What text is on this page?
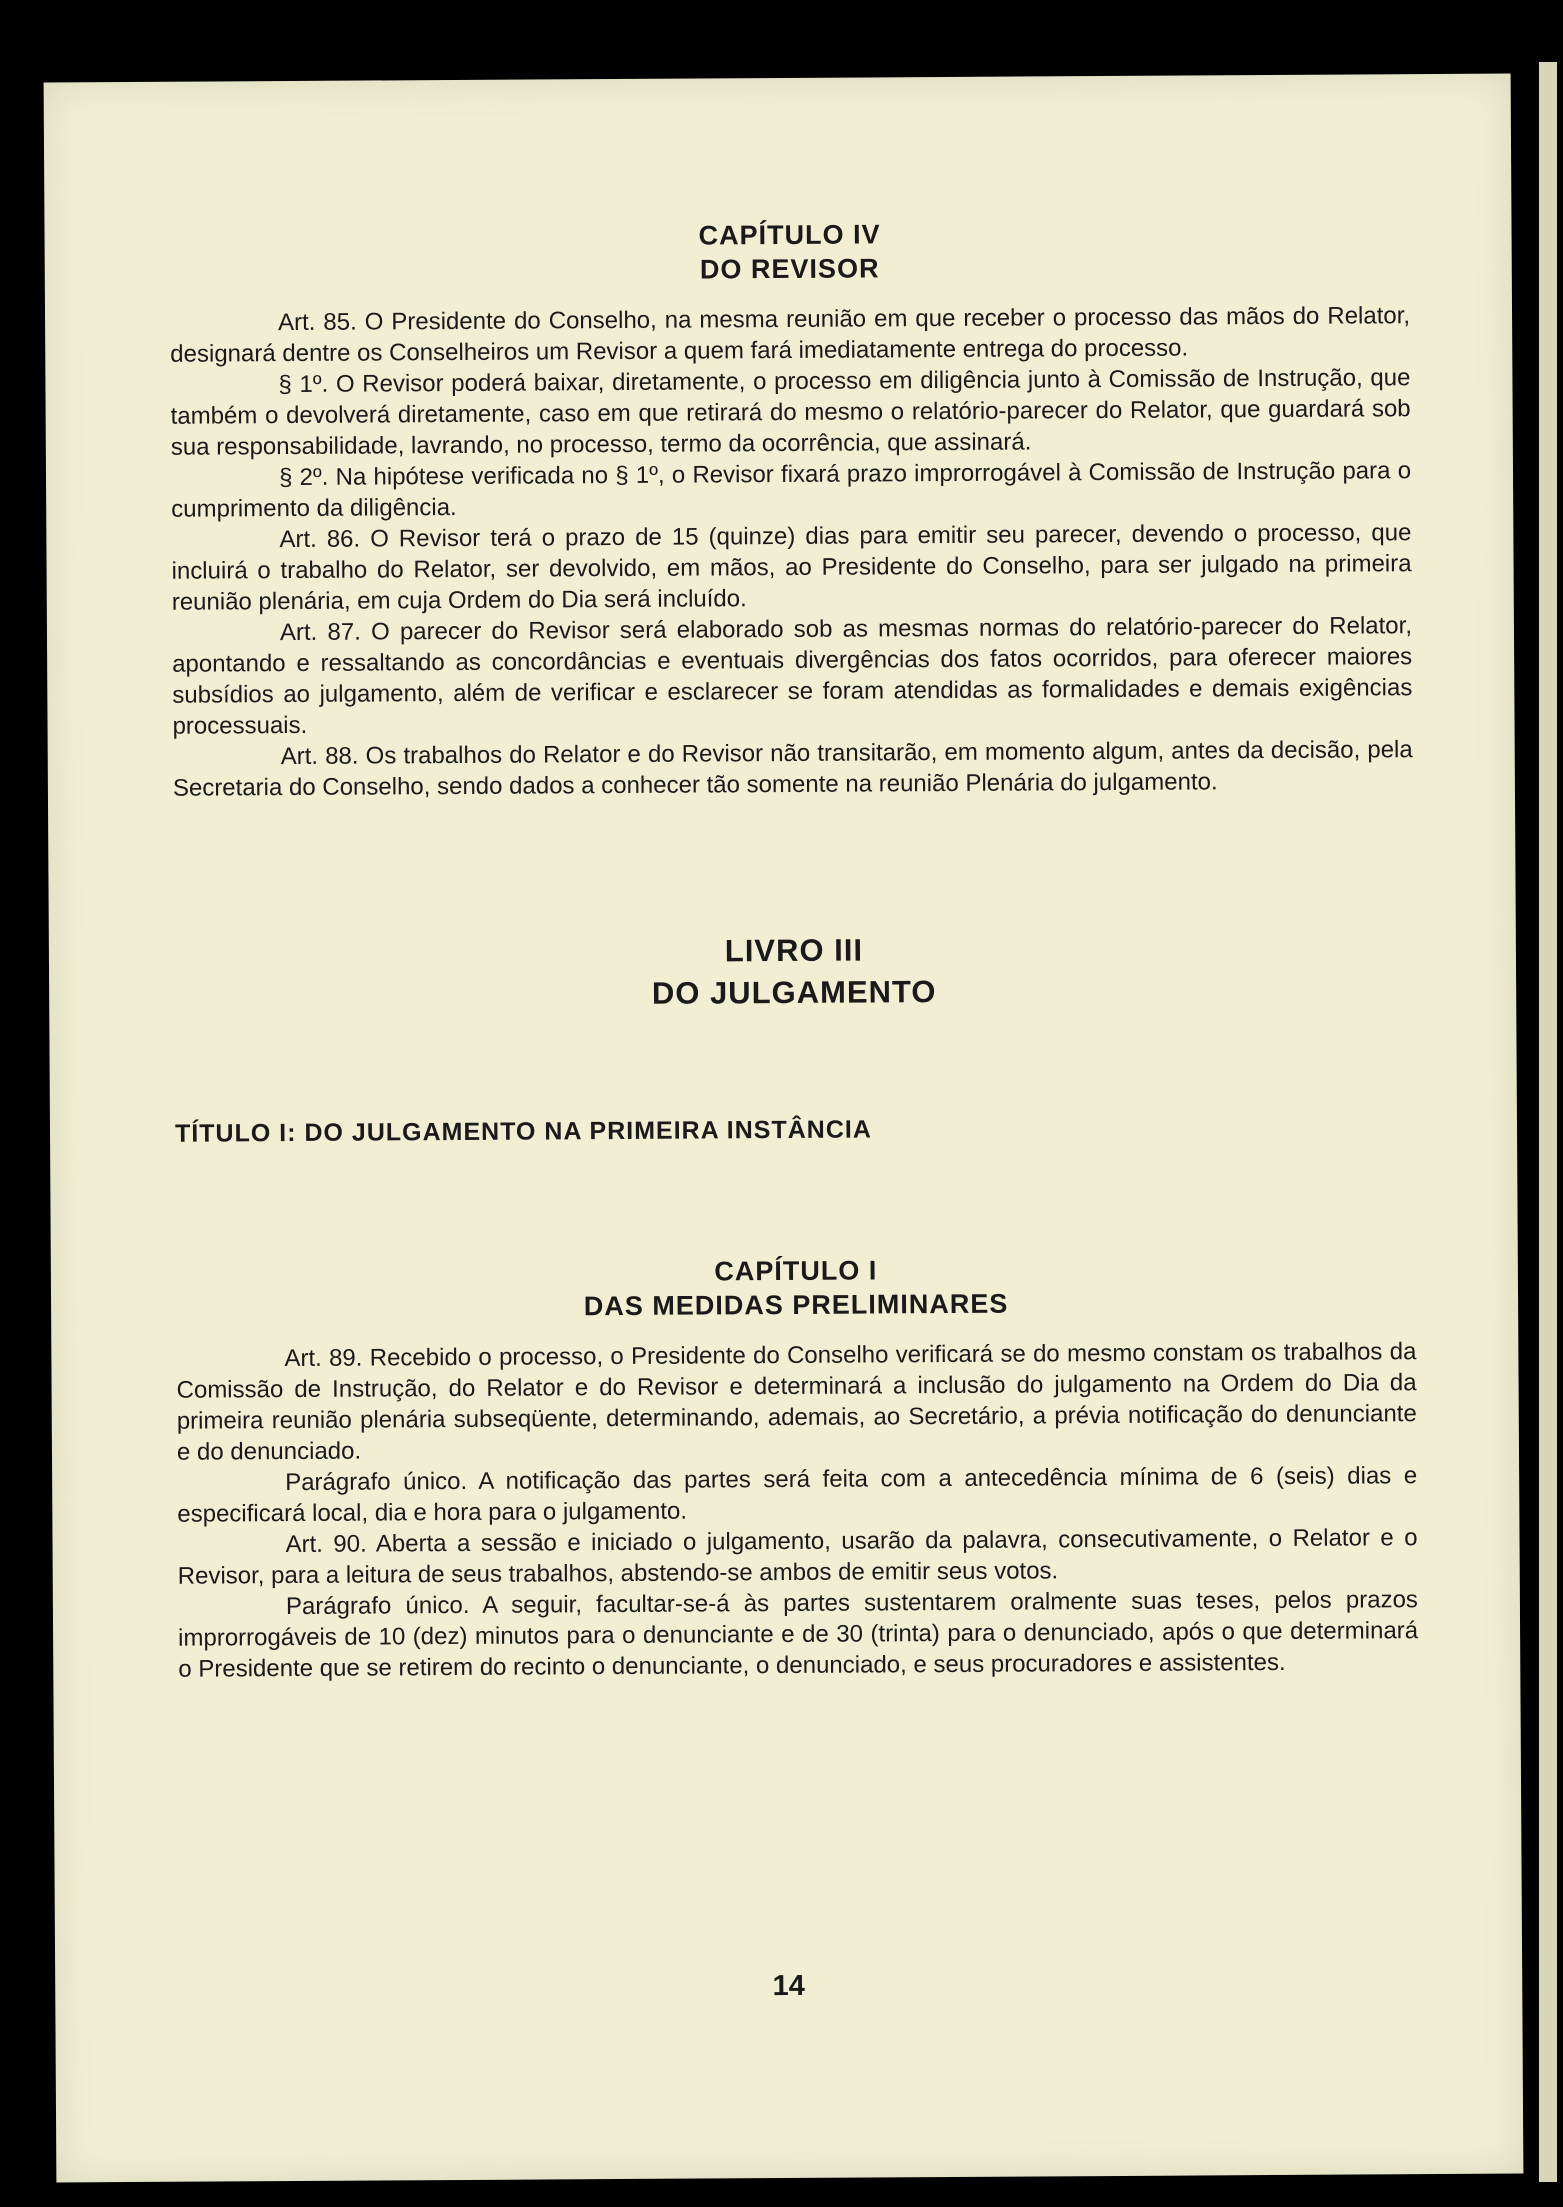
CAPÍTULO IV
DO REVISOR

Art. 85. O Presidente do Conselho, na mesma reunião em que receber o processo das mãos do Relator, designará dentre os Conselheiros um Revisor a quem fará imediatamente entrega do processo.

§ 1º. O Revisor poderá baixar, diretamente, o processo em diligência junto à Comissão de Instrução, que também o devolverá diretamente, caso em que retirará do mesmo o relatório-parecer do Relator, que guardará sob sua responsabilidade, lavrando, no processo, termo da ocorrência, que assinará.

§ 2º. Na hipótese verificada no § 1º, o Revisor fixará prazo improrrogável à Comissão de Instrução para o cumprimento da diligência.

Art. 86. O Revisor terá o prazo de 15 (quinze) dias para emitir seu parecer, devendo o processo, que incluirá o trabalho do Relator, ser devolvido, em mãos, ao Presidente do Conselho, para ser julgado na primeira reunião plenária, em cuja Ordem do Dia será incluído.

Art. 87. O parecer do Revisor será elaborado sob as mesmas normas do relatório-parecer do Relator, apontando e ressaltando as concordâncias e eventuais divergências dos fatos ocorridos, para oferecer maiores subsídios ao julgamento, além de verificar e esclarecer se foram atendidas as formalidades e demais exigências processuais.

Art. 88. Os trabalhos do Relator e do Revisor não transitarão, em momento algum, antes da decisão, pela Secretaria do Conselho, sendo dados a conhecer tão somente na reunião Plenária do julgamento.

LIVRO III
DO JULGAMENTO
TÍTULO I: DO JULGAMENTO NA PRIMEIRA INSTÂNCIA
CAPÍTULO I
DAS MEDIDAS PRELIMINARES

Art. 89. Recebido o processo, o Presidente do Conselho verificará se do mesmo constam os trabalhos da Comissão de Instrução, do Relator e do Revisor e determinará a inclusão do julgamento na Ordem do Dia da primeira reunião plenária subseqüente, determinando, ademais, ao Secretário, a prévia notificação do denunciante e do denunciado.

Parágrafo único. A notificação das partes será feita com a antecedência mínima de 6 (seis) dias e especificará local, dia e hora para o julgamento.

Art. 90. Aberta a sessão e iniciado o julgamento, usarão da palavra, consecutivamente, o Relator e o Revisor, para a leitura de seus trabalhos, abstendo-se ambos de emitir seus votos.

Parágrafo único. A seguir, facultar-se-á às partes sustentarem oralmente suas teses, pelos prazos improrrogáveis de 10 (dez) minutos para o denunciante e de 30 (trinta) para o denunciado, após o que determinará o Presidente que se retirem do recinto o denunciante, o denunciado, e seus procuradores e assistentes.

14
